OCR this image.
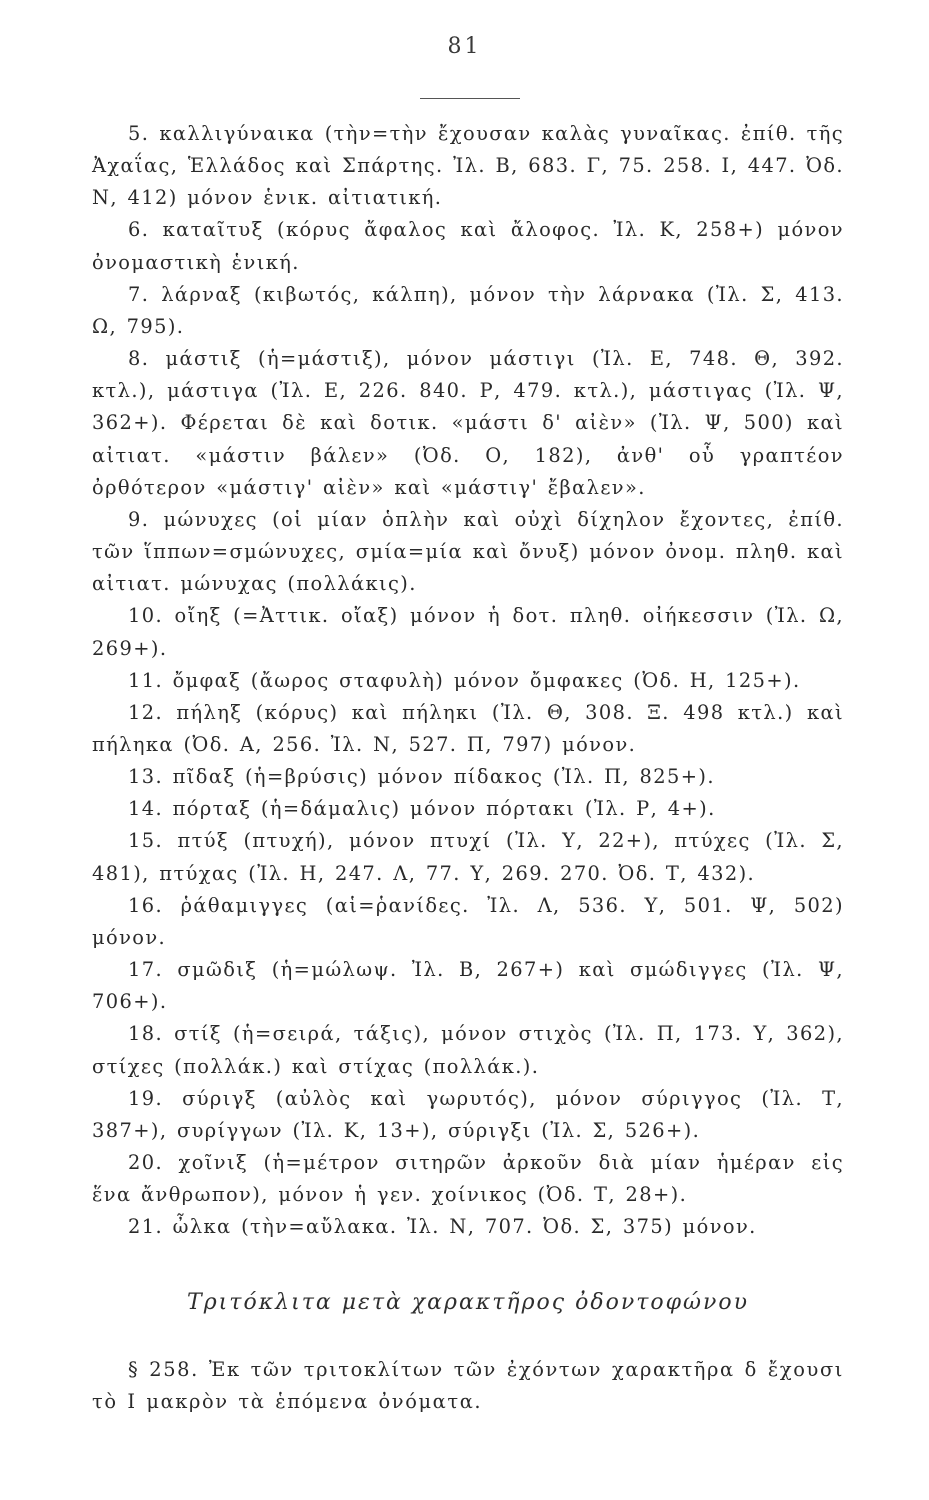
81

5. καλλιγύναικα (τὴν=τὴν ἔχουσαν καλὰς γυναῖκας. ἐπίθ. τῆς Ἀχαΐας, Ἑλλάδος καὶ Σπάρτης. Ἰλ. Β, 683. Γ, 75. 258. Ι, 447. Ὀδ. Ν, 412) μόνον ἑνικ. αἰτιατική.

6. καταῖτυξ (κόρυς ἄφαλος καὶ ἄλοφος. Ἰλ. Κ, 258+) μόνον ὀνομαστικὴ ἑνική.

7. λάρναξ (κιβωτός, κάλπη), μόνον τὴν λάρνακα (Ἰλ. Σ, 413. Ω, 795).

8. μάστιξ (ἡ=μάστιξ), μόνον μάστιγι (Ἰλ. Ε, 748. Θ, 392. κτλ.), μάστιγα (Ἰλ. Ε, 226. 840. Ρ, 479. κτλ.), μάστιγας (Ἰλ. Ψ, 362+). Φέρεται δὲ καὶ δοτικ. «μάστι δ' αἰὲν» (Ἰλ. Ψ, 500) καὶ αἰτιατ. «μάστιν βάλεν» (Ὀδ. Ο, 182), ἀνθ' οὗ γραπτέον ὀρθότερον «μάστιγ' αἰὲν» καὶ «μάστιγ' ἔβαλεν».

9. μώνυχες (οἱ μίαν ὁπλὴν καὶ οὐχὶ δίχηλον ἔχοντες, ἐπίθ. τῶν ἵππων=σμώνυχες, σμία=μία καὶ ὄνυξ) μόνον ὀνομ. πληθ. καὶ αἰτιατ. μώνυχας (πολλάκις).

10. οἴηξ (=Ἀττικ. οἴαξ) μόνον ἡ δοτ. πληθ. οἰήκεσσιν (Ἰλ. Ω, 269+).

11. ὄμφαξ (ἄωρος σταφυλὴ) μόνον ὄμφακες (Ὀδ. Η, 125+).

12. πήληξ (κόρυς) καὶ πήληκι (Ἰλ. Θ, 308. Ξ. 498 κτλ.) καὶ πήληκα (Ὀδ. Α, 256. Ἰλ. Ν, 527. Π, 797) μόνον.

13. πῖδαξ (ἡ=βρύσις) μόνον πίδακος (Ἰλ. Π, 825+).

14. πόρταξ (ἡ=δάμαλις) μόνον πόρτακι (Ἰλ. Ρ, 4+).

15. πτύξ (πτυχή), μόνον πτυχί (Ἰλ. Υ, 22+), πτύχες (Ἰλ. Σ, 481), πτύχας (Ἰλ. Η, 247. Λ, 77. Υ, 269. 270. Ὀδ. Τ, 432).

16. ῥάθαμιγγες (αἱ=ῥανίδες. Ἰλ. Λ, 536. Υ, 501. Ψ, 502) μόνον.

17. σμῶδιξ (ἡ=μώλωψ. Ἰλ. Β, 267+) καὶ σμώδιγγες (Ἰλ. Ψ, 706+).

18. στίξ (ἡ=σειρά, τάξις), μόνον στιχὸς (Ἰλ. Π, 173. Υ, 362), στίχες (πολλάκ.) καὶ στίχας (πολλάκ.).

19. σύριγξ (αὐλὸς καὶ γωρυτός), μόνον σύριγγος (Ἰλ. Τ, 387+), συρίγγων (Ἰλ. Κ, 13+), σύριγξι (Ἰλ. Σ, 526+).

20. χοῖνιξ (ἡ=μέτρον σιτηρῶν ἀρκοῦν διὰ μίαν ἡμέραν εἰς ἕνα ἄνθρωπον), μόνον ἡ γεν. χοίνικος (Ὀδ. Τ, 28+).

21. ὦλκα (τὴν=αὔλακα. Ἰλ. Ν, 707. Ὀδ. Σ, 375) μόνον.

Τριτόκλιτα μετὰ χαρακτῆρος ὀδοντοφώνου

§ 258. Ἐκ τῶν τριτοκλίτων τῶν ἐχόντων χαρακτῆρα δ ἔχουσι τὸ Ι μακρὸν τὰ ἑπόμενα ὀνόματα.
